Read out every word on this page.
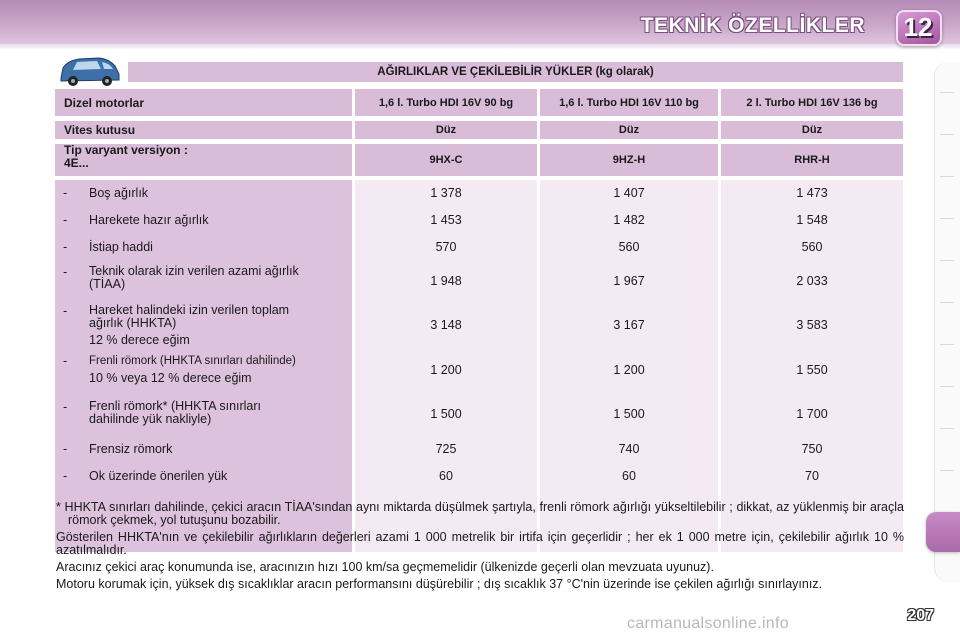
TEKNİK ÖZELLİKLER 12
AĞIRLIKLAR VE ÇEKİLEBİLİR YÜKLER (kg olarak)
Dizel motorlar	1,6 l. Turbo HDI 16V 90 bg	1,6 l. Turbo HDI 16V 110 bg	2 l. Turbo HDI 16V 136 bg
Vites kutusu	Düz	Düz	Düz
Tip varyant versiyon :
4E...	9HX-C	9HZ-H	RHR-H
-	Boş ağırlık	1 378	1 407	1 473
-	Harekete hazır ağırlık	1 453	1 482	1 548
-	İstiap haddi	570	560	560
-	Teknik olarak izin verilen azami ağırlık
(TİAA)	1 948	1 967	2 033
-	Hareket halindeki izin verilen toplam
ağırlık (HHKTA)
12 % derece eğim
3 148	3 167	3 583
-	Frenli römork (HHKTA sınırları dahilinde)
10 % veya 12 % derece eğim
1 200	1 200	1 550
-	Frenli römork* (HHKTA sınırları
dahilinde yük nakliyle)	1 500	1 500	1 700
-	Frensiz römork	725	740	750
-	Ok üzerinde önerilen yük	60	60	70

* HHKTA sınırları dahilinde, çekici aracın TİAA'sından aynı miktarda düşülmek şartıyla, frenli römork ağırlığı yükseltilebilir ; dikkat, az yüklenmiş bir araçla römork çekmek, yol tutuşunu bozabilir.

Gösterilen HHKTA'nın ve çekilebilir ağırlıkların değerleri azami 1 000 metrelik bir irtifa için geçerlidir ; her ek 1 000 metre için, çekilebilir ağırlık 10 % azatılmalıdır.

Aracınız çekici araç konumunda ise, aracınızın hızı 100 km/sa geçmemelidir (ülkenizde geçerli olan mevzuata uyunuz).

Motoru korumak için, yüksek dış sıcaklıklar aracın performansını düşürebilir ; dış sıcaklık 37 °C'nin üzerinde ise çekilen ağırlığı sınırlayınız.

207
carmanualsonline.info
